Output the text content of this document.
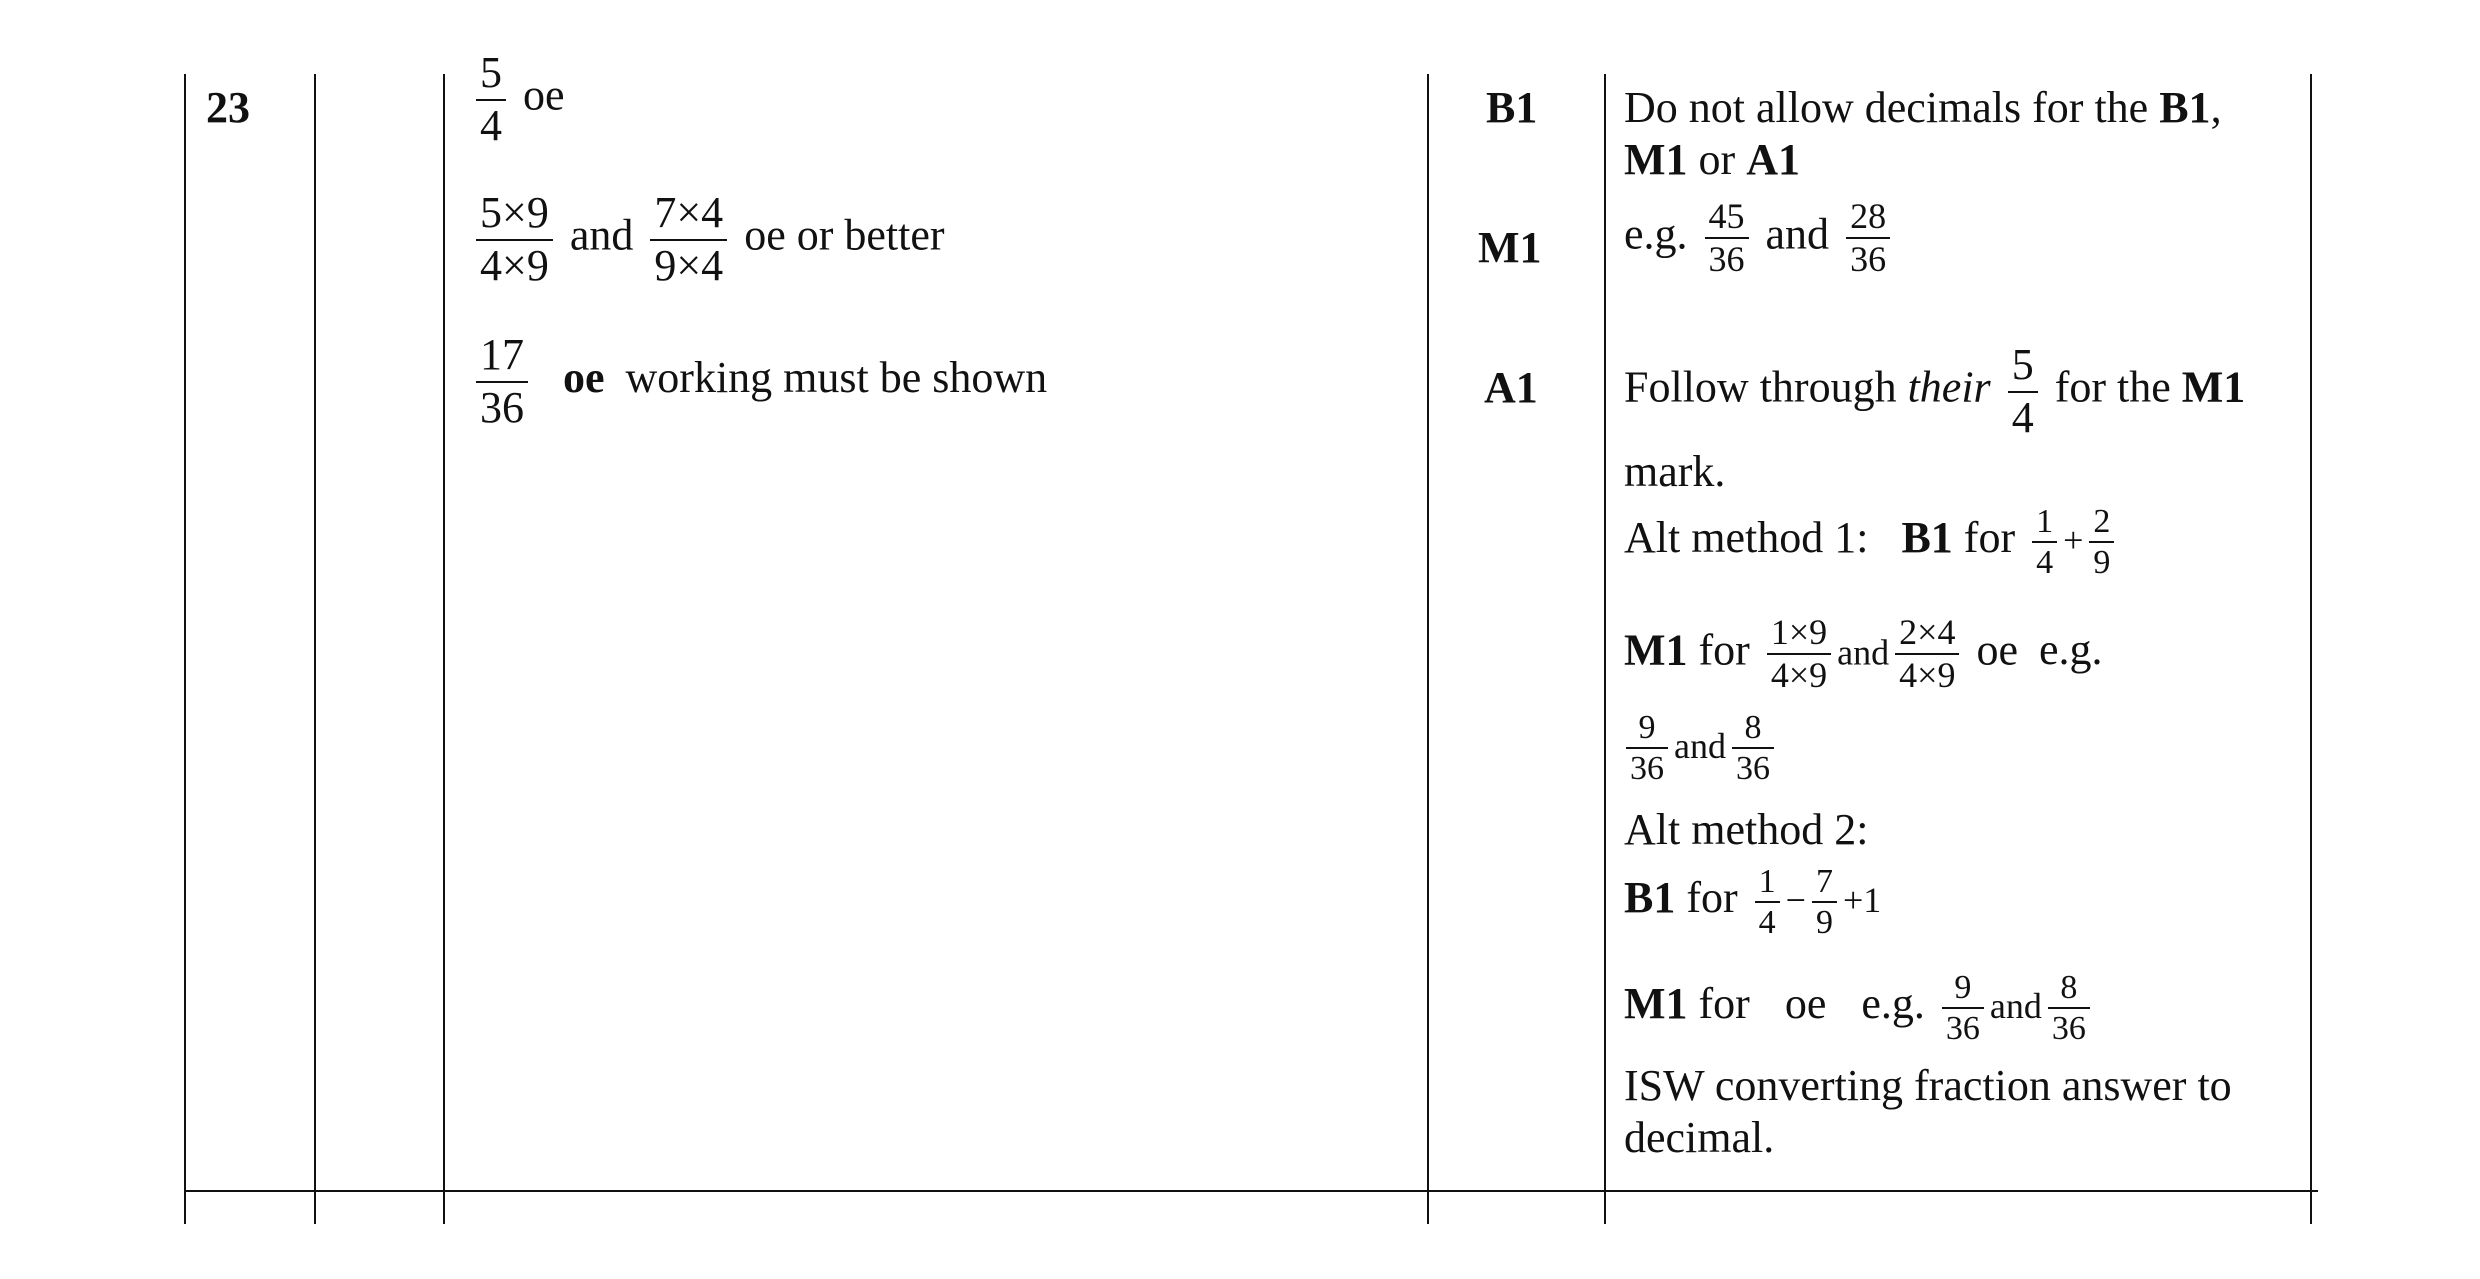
23	$\frac{5}{4}$ oe
$\frac{5\times 9}{4\times 9}$ and $\frac{7\times 4}{9\times 4}$ oe or better
$\frac{17}{36}$ oe working must be shown
B1
M1
A1
Do not allow decimals for the B1,
M1 or A1
e.g. $\frac{45}{36}$ and $\frac{28}{36}$
Follow through their $\frac{5}{4}$ for the M1
mark.
Alt method 1: B1 for $\frac{1}{4} + \frac{2}{9}$
M1 for $\frac{1\times 9}{4\times 9}$ and $\frac{2\times 4}{4\times 9}$ oe e.g.
$\frac{9}{36}$ and $\frac{8}{36}$
Alt method 2:
B1 for $\frac{1}{4} - \frac{7}{9} +1$
M1 for oe e.g. $\frac{9}{36}$ and $\frac{8}{36}$
ISW converting fraction answer to
decimal.
